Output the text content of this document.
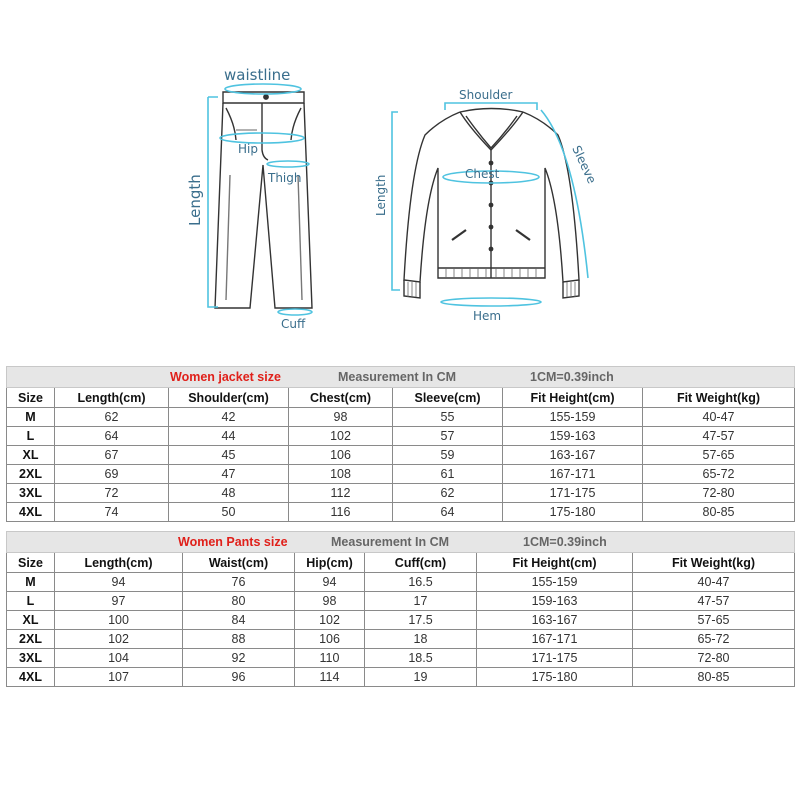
waistline
Hip
Thigh
Cuff
Length
Shoulder
Sleeve
Chest
Length
Hem
Women jacket size Measurement In CM 1CM=0.39inch						

Size	Length(cm)	Shoulder(cm)	Chest(cm)	Sleeve(cm)	Fit Height(cm)	Fit Weight(kg)
M	62	42	98	55	155-159	40-47
L	64	44	102	57	159-163	47-57
XL	67	45	106	59	163-167	57-65
2XL	69	47	108	61	167-171	65-72
3XL	72	48	112	62	171-175	72-80
4XL	74	50	116	64	175-180	80-85
Women Pants size Measurement In CM 1CM=0.39inch						

Size	Length(cm)	Waist(cm)	Hip(cm)	Cuff(cm)	Fit Height(cm)	Fit Weight(kg)
M	94	76	94	16.5	155-159	40-47
L	97	80	98	17	159-163	47-57
XL	100	84	102	17.5	163-167	57-65
2XL	102	88	106	18	167-171	65-72
3XL	104	92	110	18.5	171-175	72-80
4XL	107	96	114	19	175-180	80-85
